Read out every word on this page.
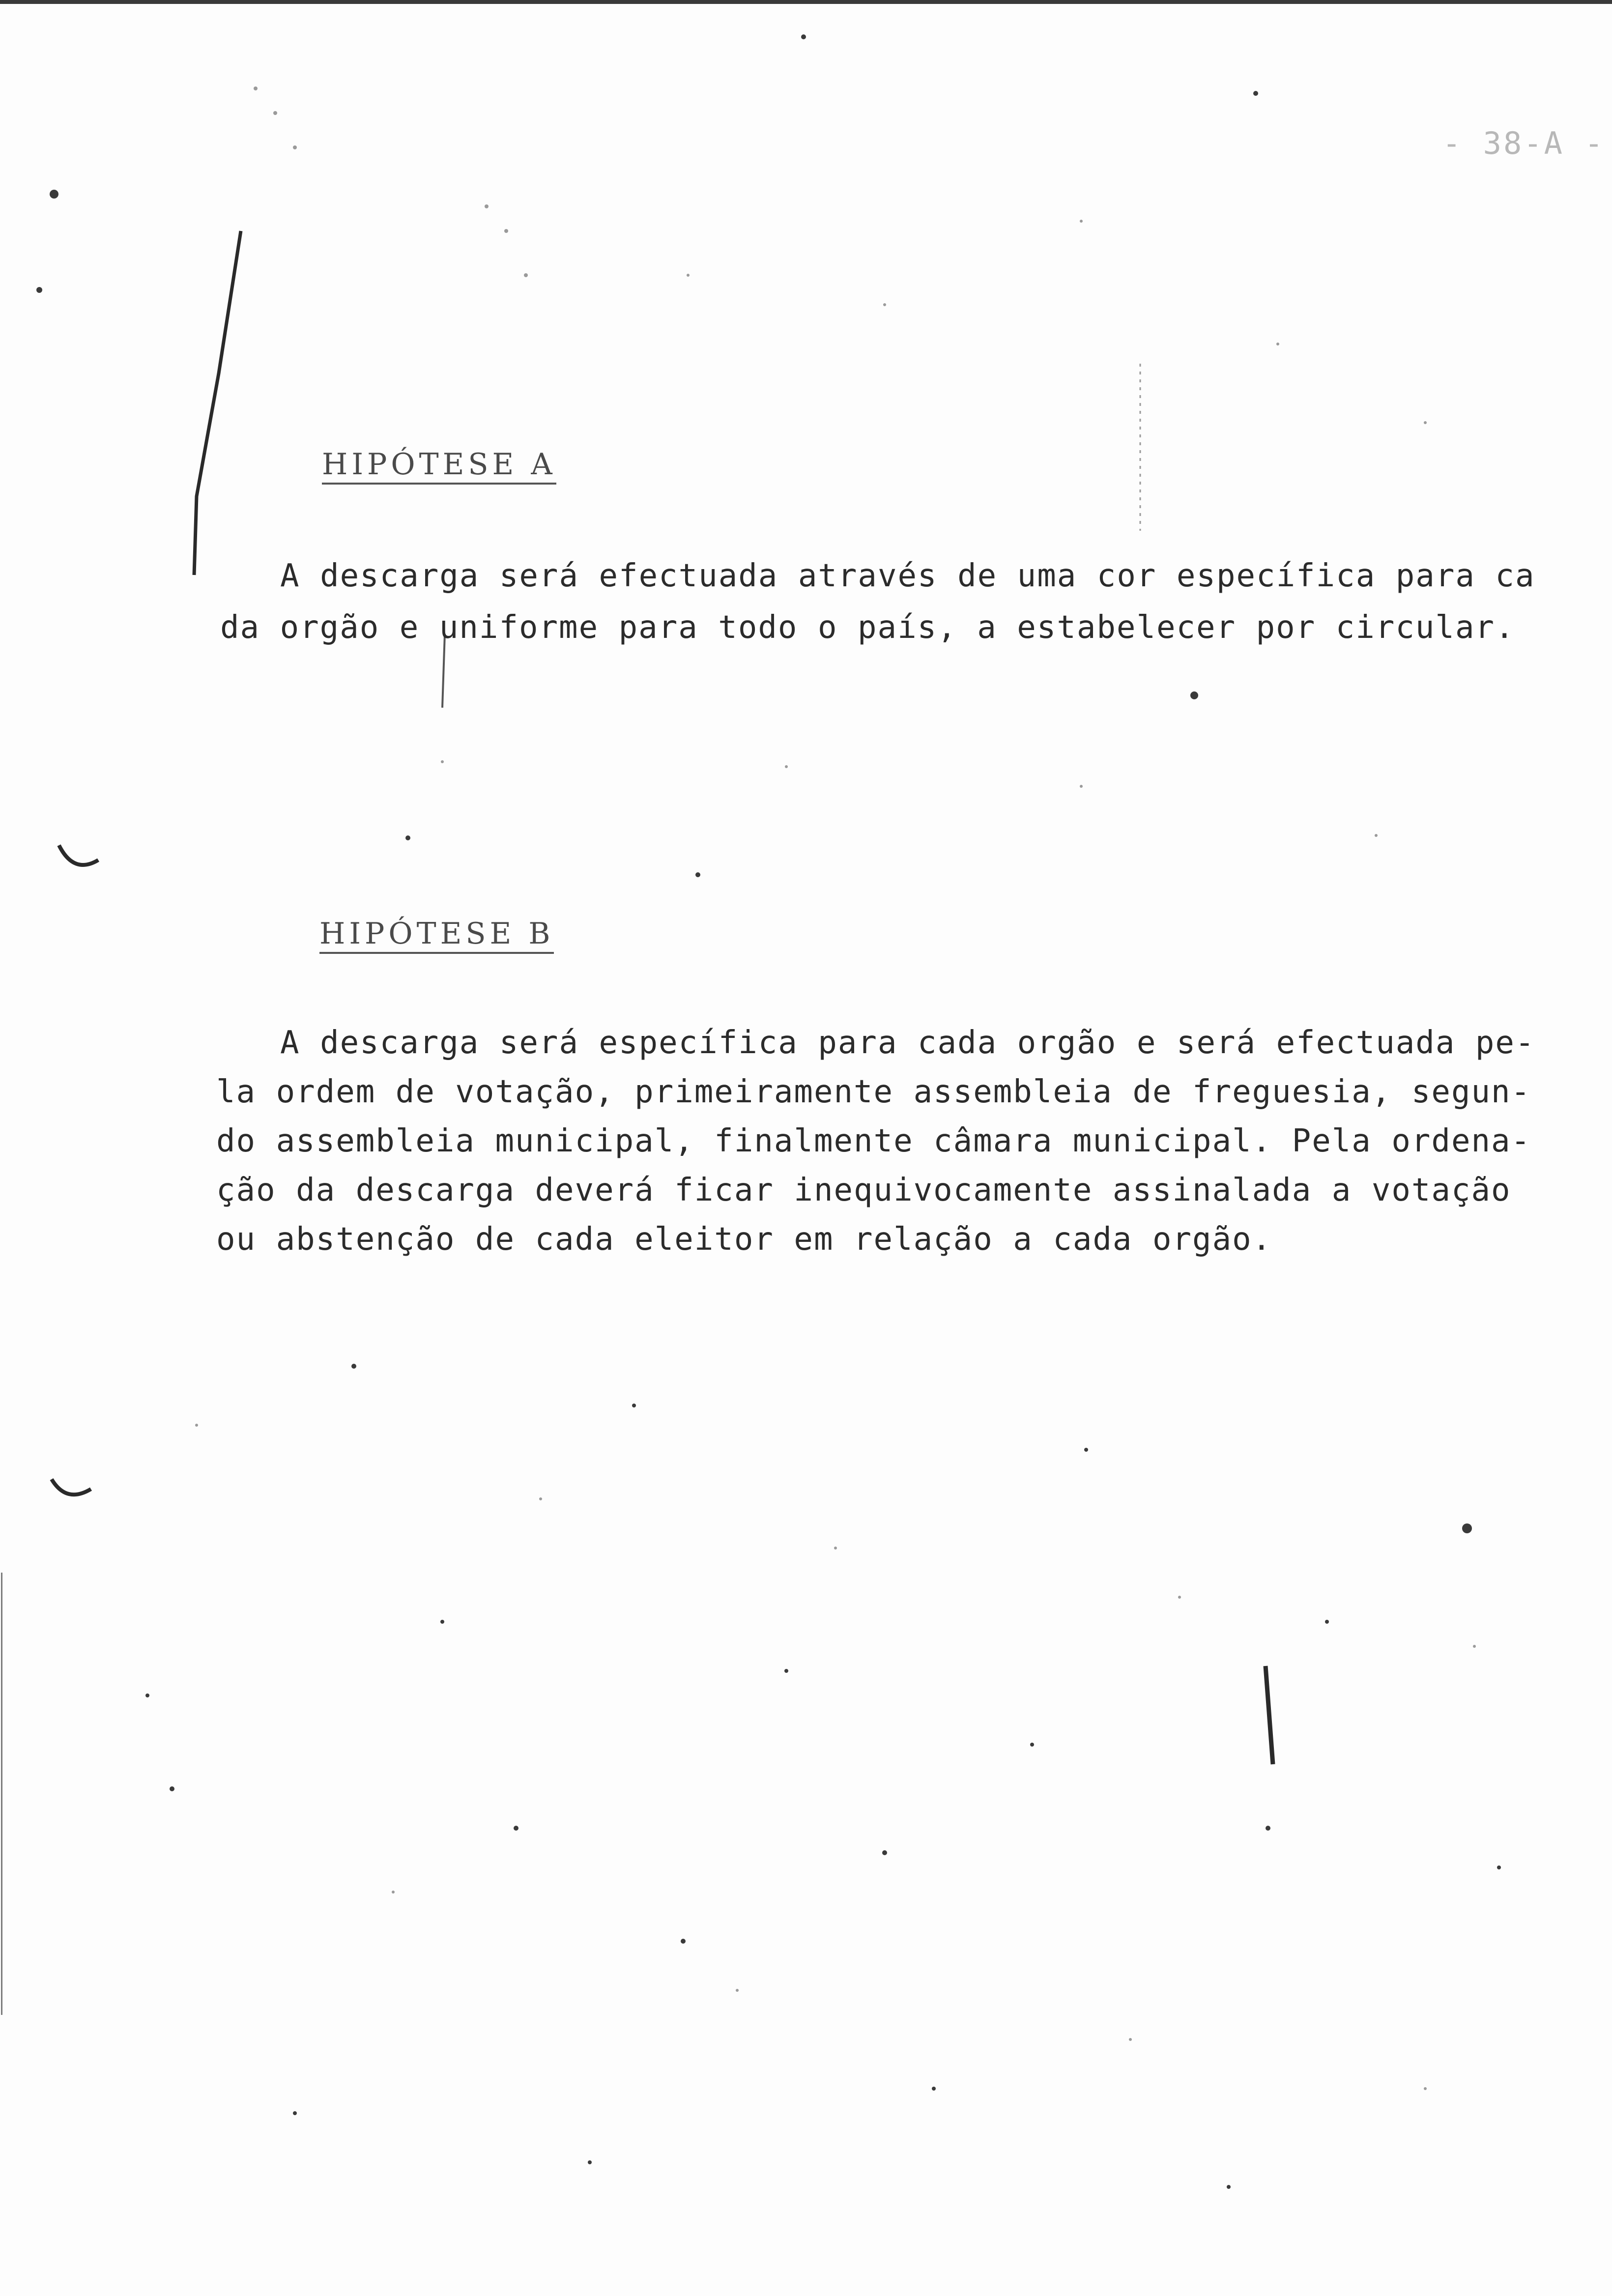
- 38-A -
HIPÓTESE A
A descarga será efectuada através de uma cor específica para ca
da orgão e uniforme para todo o país, a estabelecer por circular.
HIPÓTESE B
A descarga será específica para cada orgão e será efectuada pe-
la ordem de votação, primeiramente assembleia de freguesia, segun-
do assembleia municipal, finalmente câmara municipal. Pela ordena-
ção da descarga deverá ficar inequivocamente assinalada a votação
ou abstenção de cada eleitor em relação a cada orgão.
